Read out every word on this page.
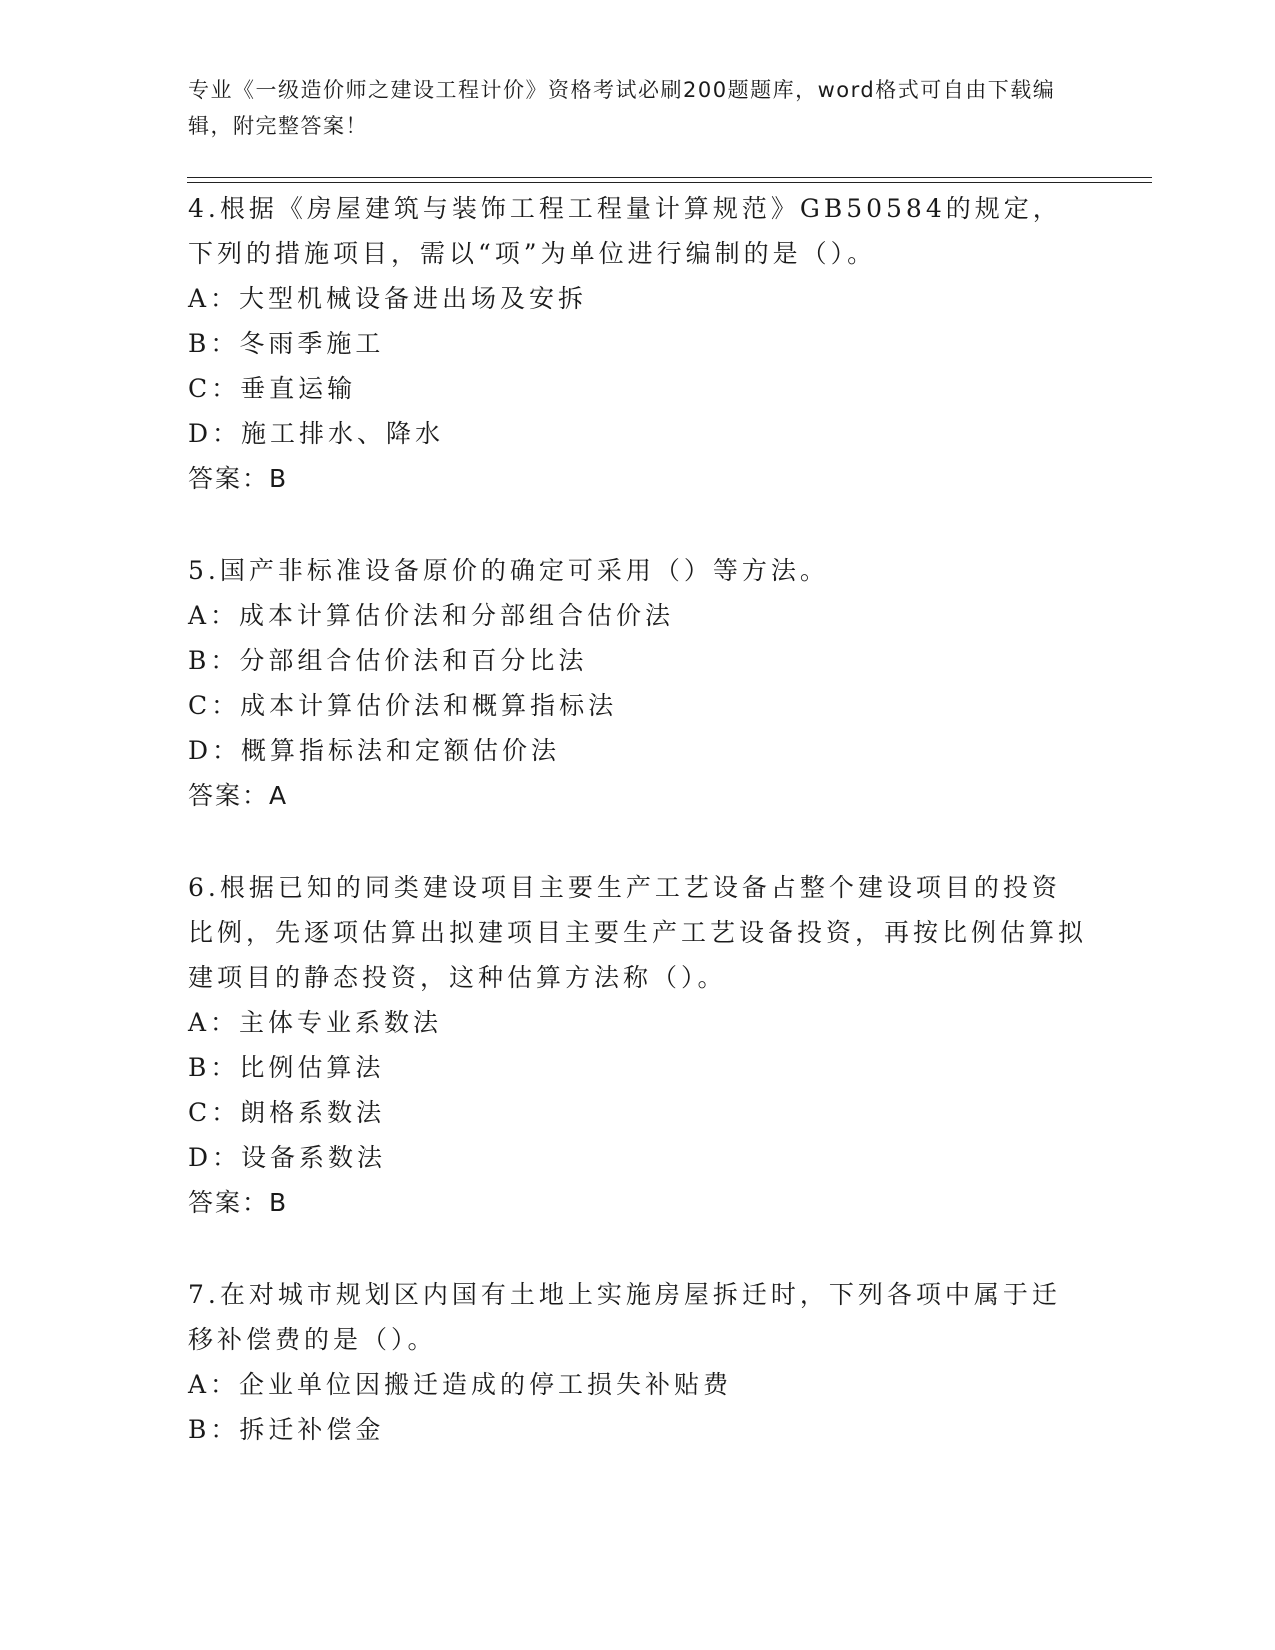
专业《一级造价师之建设工程计价》资格考试必刷200题题库，word格式可自由下载编辑，附完整答案！
4.根据《房屋建筑与装饰工程工程量计算规范》GB50584的规定，下列的措施项目，需以“项”为单位进行编制的是（）。
A：大型机械设备进出场及安拆
B：冬雨季施工
C：垂直运输
D：施工排水、降水
答案：B
5.国产非标准设备原价的确定可采用（）等方法。
A：成本计算估价法和分部组合估价法
B：分部组合估价法和百分比法
C：成本计算估价法和概算指标法
D：概算指标法和定额估价法
答案：A
6.根据已知的同类建设项目主要生产工艺设备占整个建设项目的投资比例，先逐项估算出拟建项目主要生产工艺设备投资，再按比例估算拟建项目的静态投资，这种估算方法称（）。
A：主体专业系数法
B：比例估算法
C：朗格系数法
D：设备系数法
答案：B
7.在对城市规划区内国有土地上实施房屋拆迁时，下列各项中属于迁移补偿费的是（）。
A：企业单位因搬迁造成的停工损失补贴费
B：拆迁补偿金
